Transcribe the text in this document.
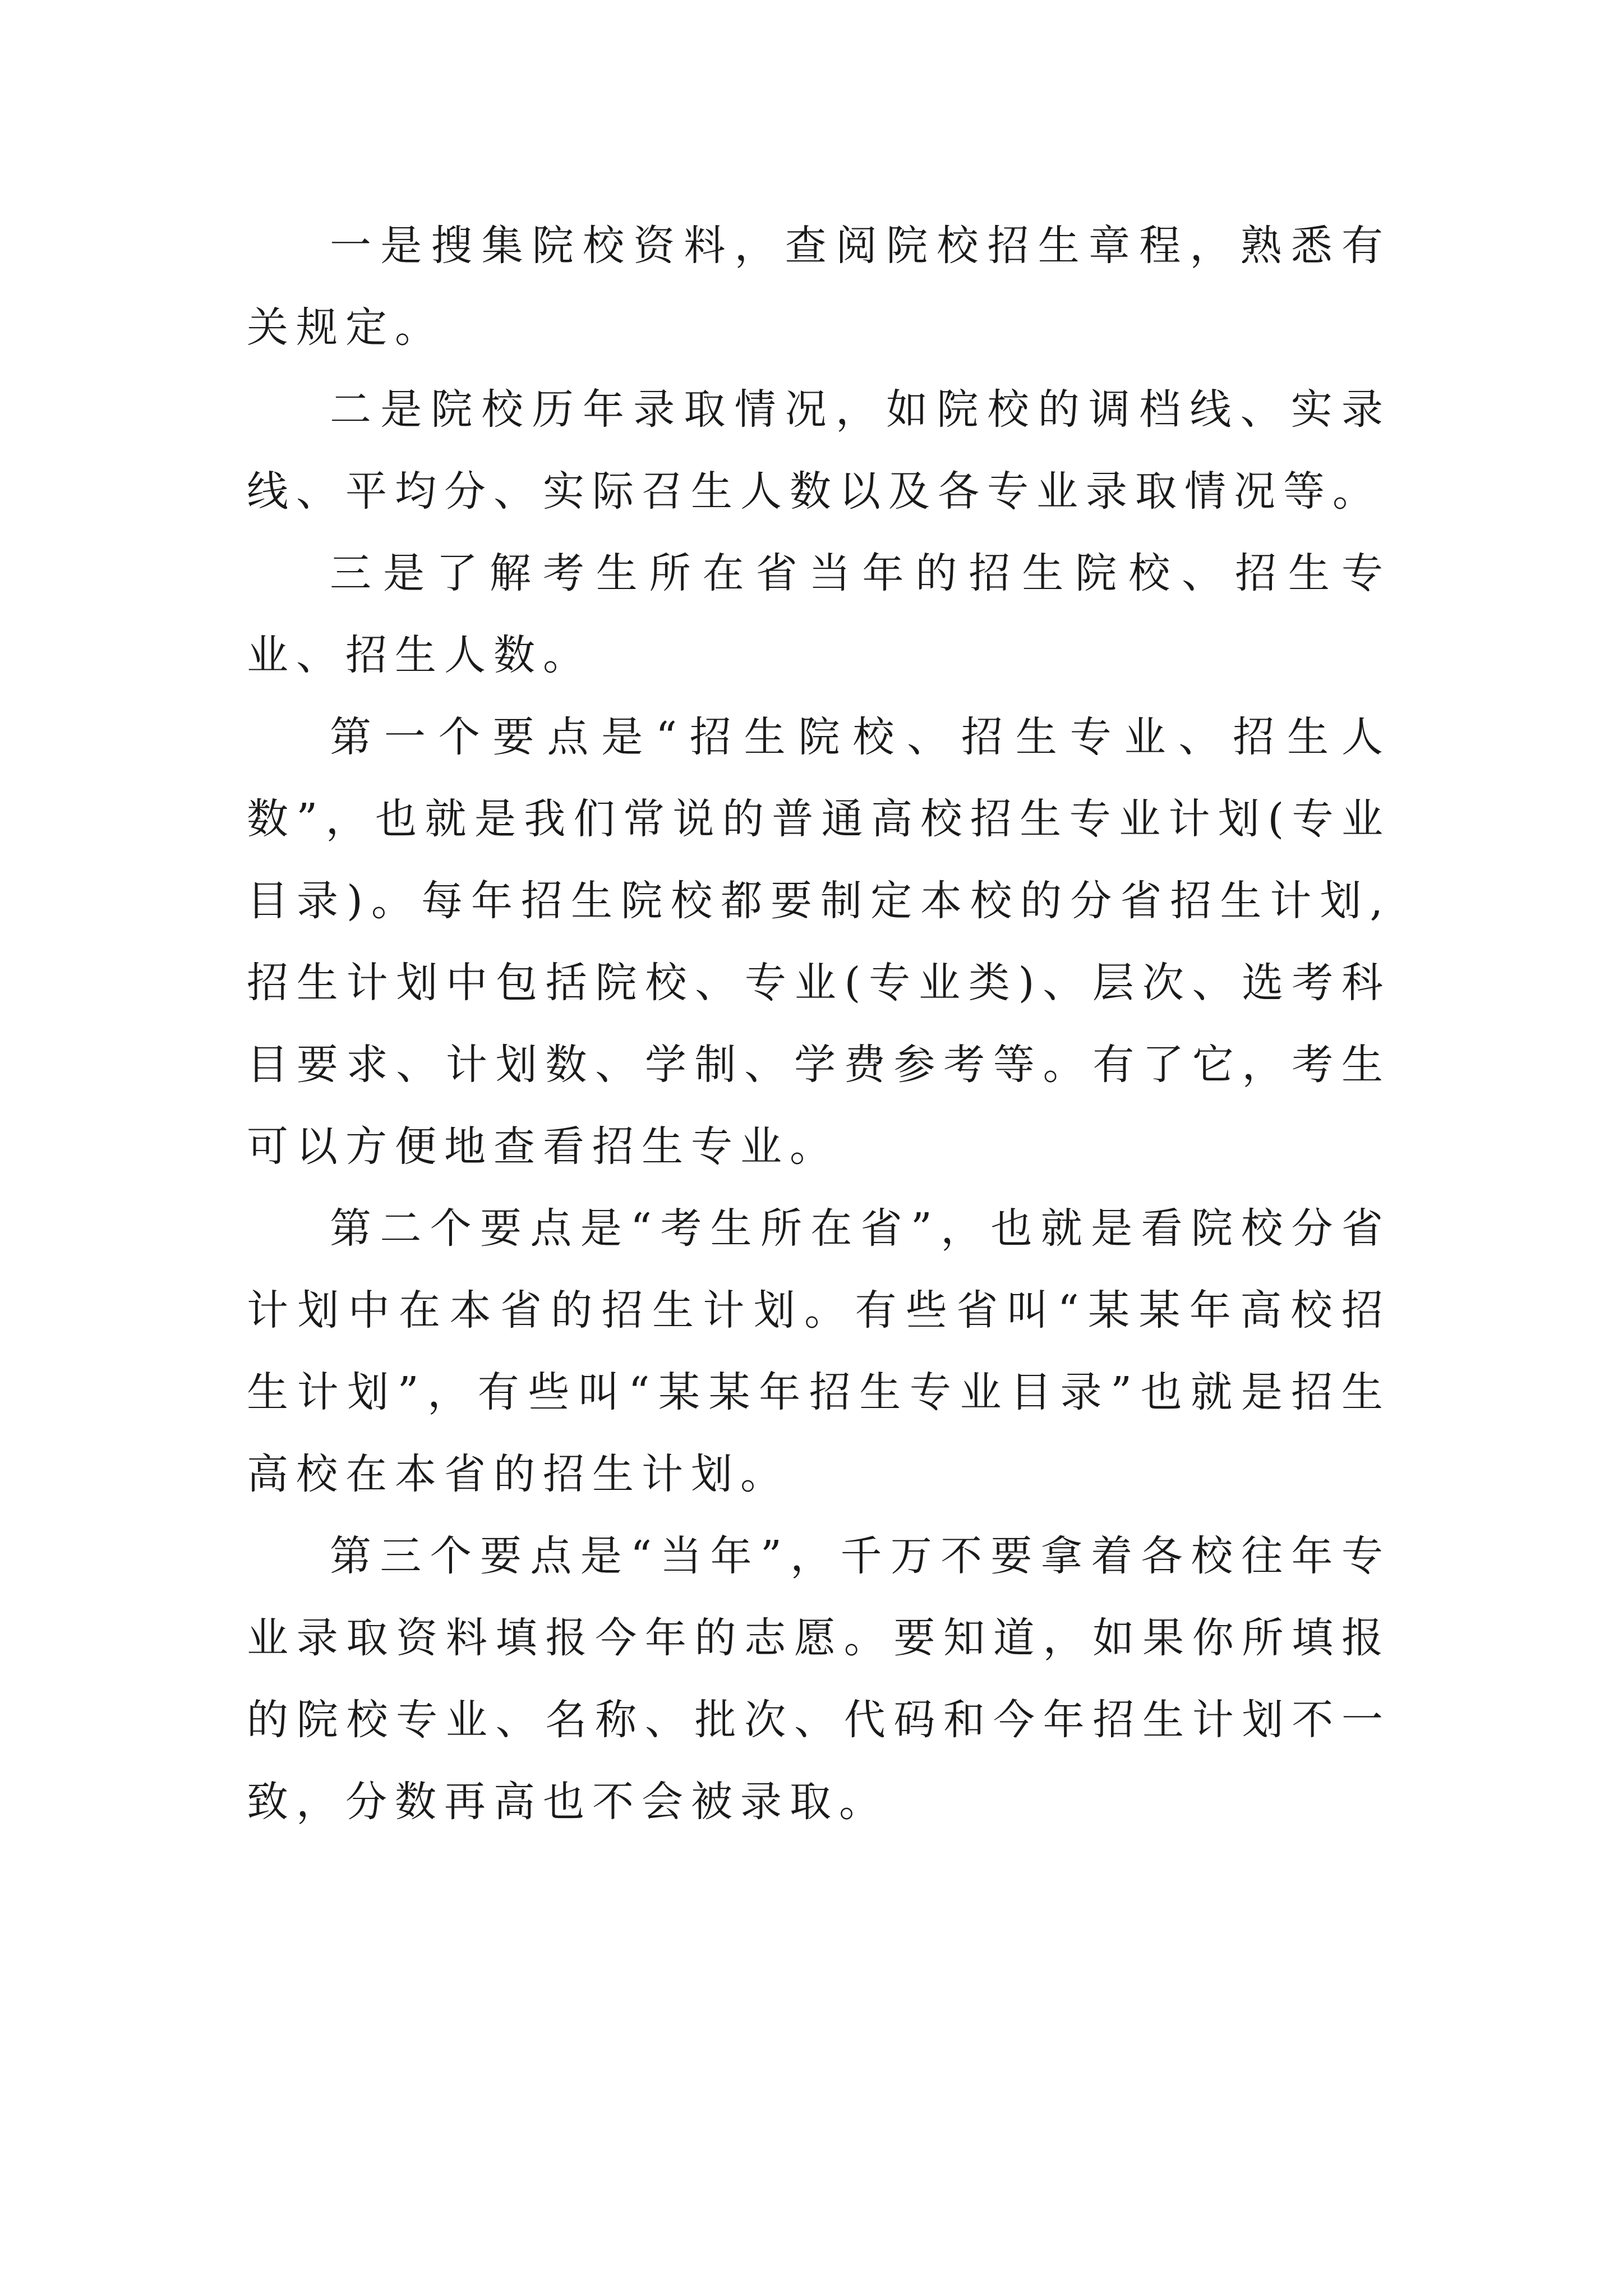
一是搜集院校资料，查阅院校招生章程，熟悉有关规定。

二是院校历年录取情况，如院校的调档线、实录线、平均分、实际召生人数以及各专业录取情况等。

三是了解考生所在省当年的招生院校、招生专业、招生人数。

第一个要点是“招生院校、招生专业、招生人数”，也就是我们常说的普通高校招生专业计划(专业目录)。每年招生院校都要制定本校的分省招生计划,招生计划中包括院校、专业(专业类)、层次、选考科目要求、计划数、学制、学费参考等。有了它，考生可以方便地查看招生专业。

第二个要点是“考生所在省”，也就是看院校分省计划中在本省的招生计划。有些省叫“某某年高校招生计划”，有些叫“某某年招生专业目录”也就是招生高校在本省的招生计划。

第三个要点是“当年”，千万不要拿着各校往年专业录取资料填报今年的志愿。要知道，如果你所填报的院校专业、名称、批次、代码和今年招生计划不一致，分数再高也不会被录取。
